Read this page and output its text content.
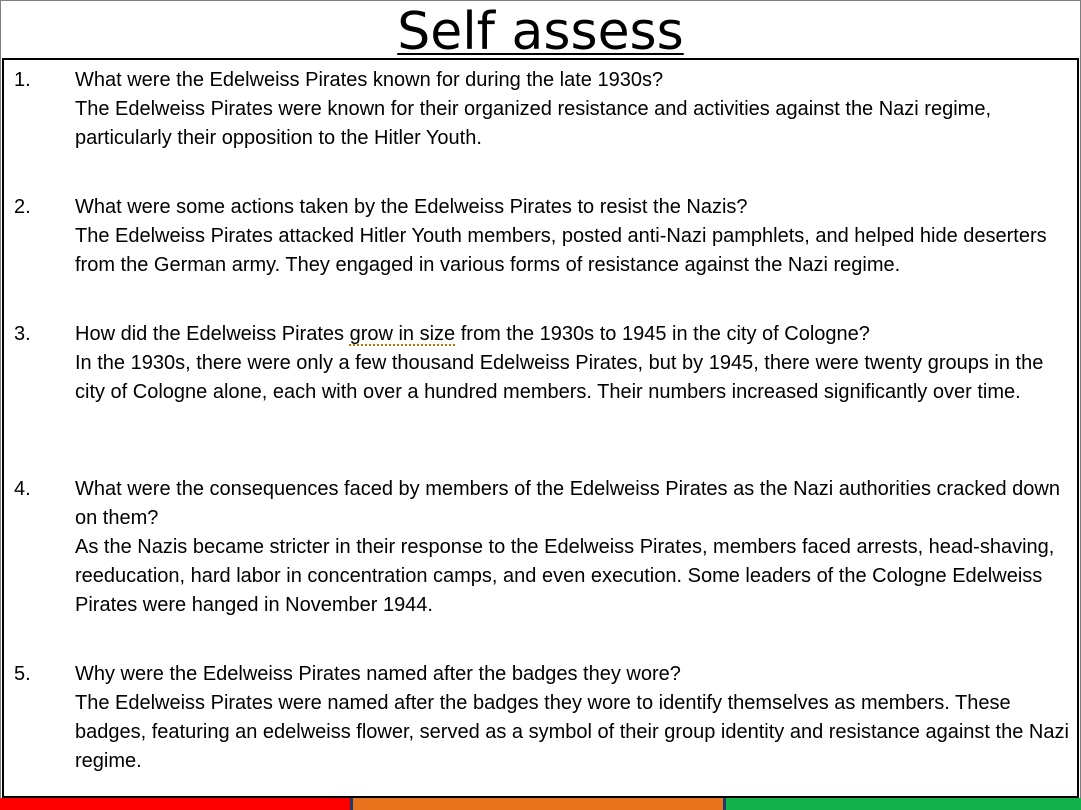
Self assess
1. What were the Edelweiss Pirates known for during the late 1930s?

The Edelweiss Pirates were known for their organized resistance and activities against the Nazi regime, particularly their opposition to the Hitler Youth.

2. What were some actions taken by the Edelweiss Pirates to resist the Nazis?

The Edelweiss Pirates attacked Hitler Youth members, posted anti-Nazi pamphlets, and helped hide deserters from the German army. They engaged in various forms of resistance against the Nazi regime.

3. How did the Edelweiss Pirates grow in size from the 1930s to 1945 in the city of Cologne?

In the 1930s, there were only a few thousand Edelweiss Pirates, but by 1945, there were twenty groups in the city of Cologne alone, each with over a hundred members. Their numbers increased significantly over time.

4. What were the consequences faced by members of the Edelweiss Pirates as the Nazi authorities cracked down on them?

As the Nazis became stricter in their response to the Edelweiss Pirates, members faced arrests, head-shaving, reeducation, hard labor in concentration camps, and even execution. Some leaders of the Cologne Edelweiss Pirates were hanged in November 1944.

5. Why were the Edelweiss Pirates named after the badges they wore?

The Edelweiss Pirates were named after the badges they wore to identify themselves as members. These badges, featuring an edelweiss flower, served as a symbol of their group identity and resistance against the Nazi regime.
